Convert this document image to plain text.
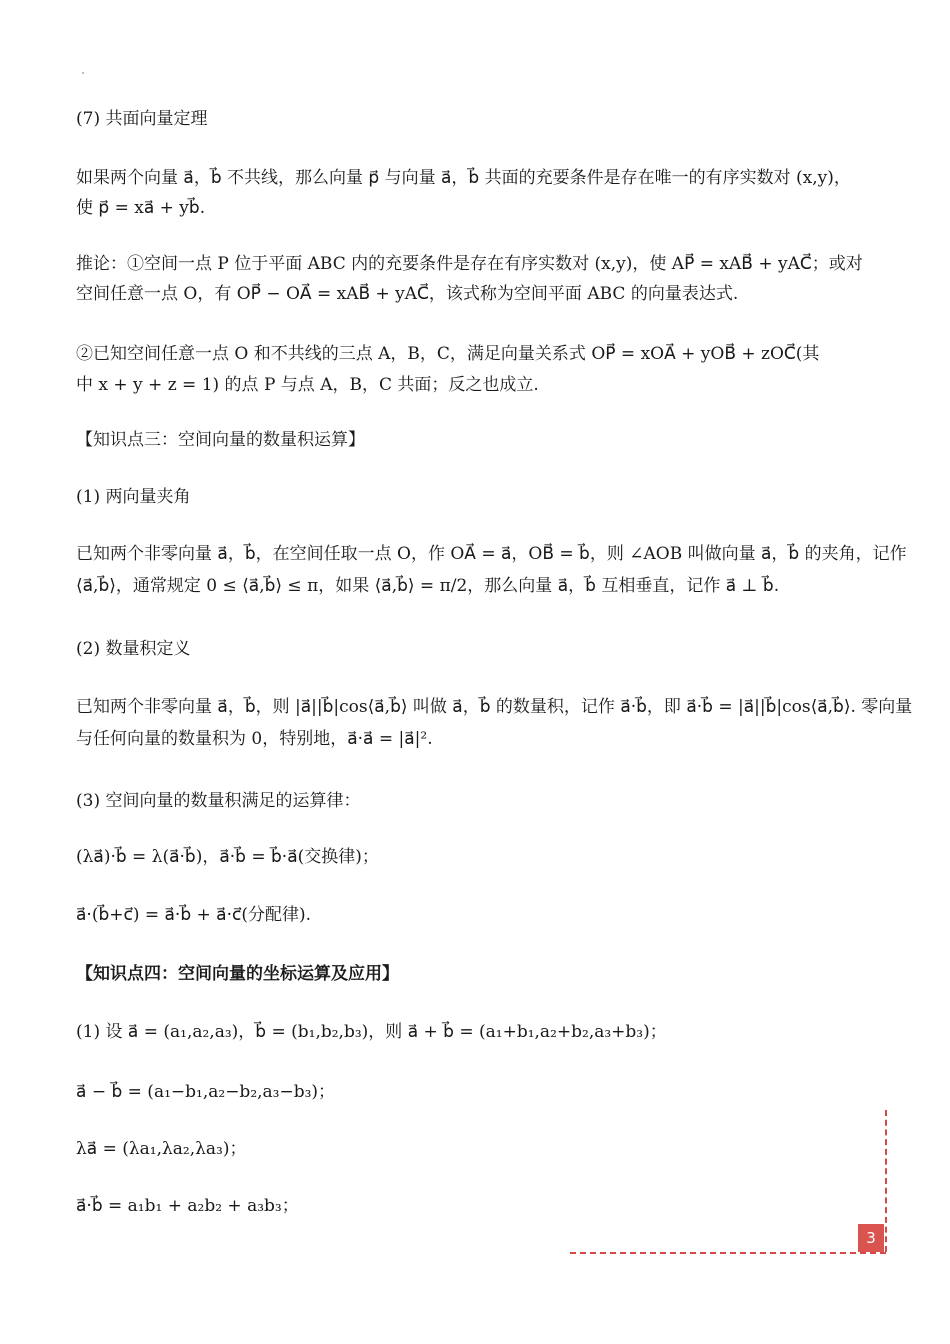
(7) 共面向量定理
如果两个向量 a⃗，b⃗ 不共线，那么向量 p⃗ 与向量 a⃗，b⃗ 共面的充要条件是存在唯一的有序实数对 (x,y)，
使 p⃗ = xa⃗ + yb⃗.
推论：①空间一点 P 位于平面 ABC 内的充要条件是存在有序实数对 (x,y)，使 AP⃗ = xAB⃗ + yAC⃗；或对
空间任意一点 O，有 OP⃗ − OA⃗ = xAB⃗ + yAC⃗，该式称为空间平面 ABC 的向量表达式.
②已知空间任意一点 O 和不共线的三点 A，B，C，满足向量关系式 OP⃗ = xOA⃗ + yOB⃗ + zOC⃗(其
中 x + y + z = 1) 的点 P 与点 A，B，C 共面；反之也成立.
【知识点三：空间向量的数量积运算】
(1) 两向量夹角
已知两个非零向量 a⃗，b⃗，在空间任取一点 O，作 OA⃗ = a⃗，OB⃗ = b⃗，则 ∠AOB 叫做向量 a⃗，b⃗ 的夹角，记作
⟨a⃗,b⃗⟩，通常规定 0 ≤ ⟨a⃗,b⃗⟩ ≤ π，如果 ⟨a⃗,b⃗⟩ = π/2，那么向量 a⃗，b⃗ 互相垂直，记作 a⃗ ⊥ b⃗.
(2) 数量积定义
已知两个非零向量 a⃗，b⃗，则 |a⃗||b⃗|cos⟨a⃗,b⃗⟩ 叫做 a⃗，b⃗ 的数量积，记作 a⃗·b⃗，即 a⃗·b⃗ = |a⃗||b⃗|cos⟨a⃗,b⃗⟩. 零向量
与任何向量的数量积为 0，特别地，a⃗·a⃗ = |a⃗|².
(3) 空间向量的数量积满足的运算律：
(λa⃗)·b⃗ = λ(a⃗·b⃗)，a⃗·b⃗ = b⃗·a⃗(交换律)；
a⃗·(b⃗+c⃗) = a⃗·b⃗ + a⃗·c⃗(分配律).
【知识点四：空间向量的坐标运算及应用】
(1) 设 a⃗ = (a₁,a₂,a₃)，b⃗ = (b₁,b₂,b₃)，则 a⃗ + b⃗ = (a₁+b₁,a₂+b₂,a₃+b₃)；
a⃗ − b⃗ = (a₁−b₁,a₂−b₂,a₃−b₃)；
λa⃗ = (λa₁,λa₂,λa₃)；
a⃗·b⃗ = a₁b₁ + a₂b₂ + a₃b₃；
3
